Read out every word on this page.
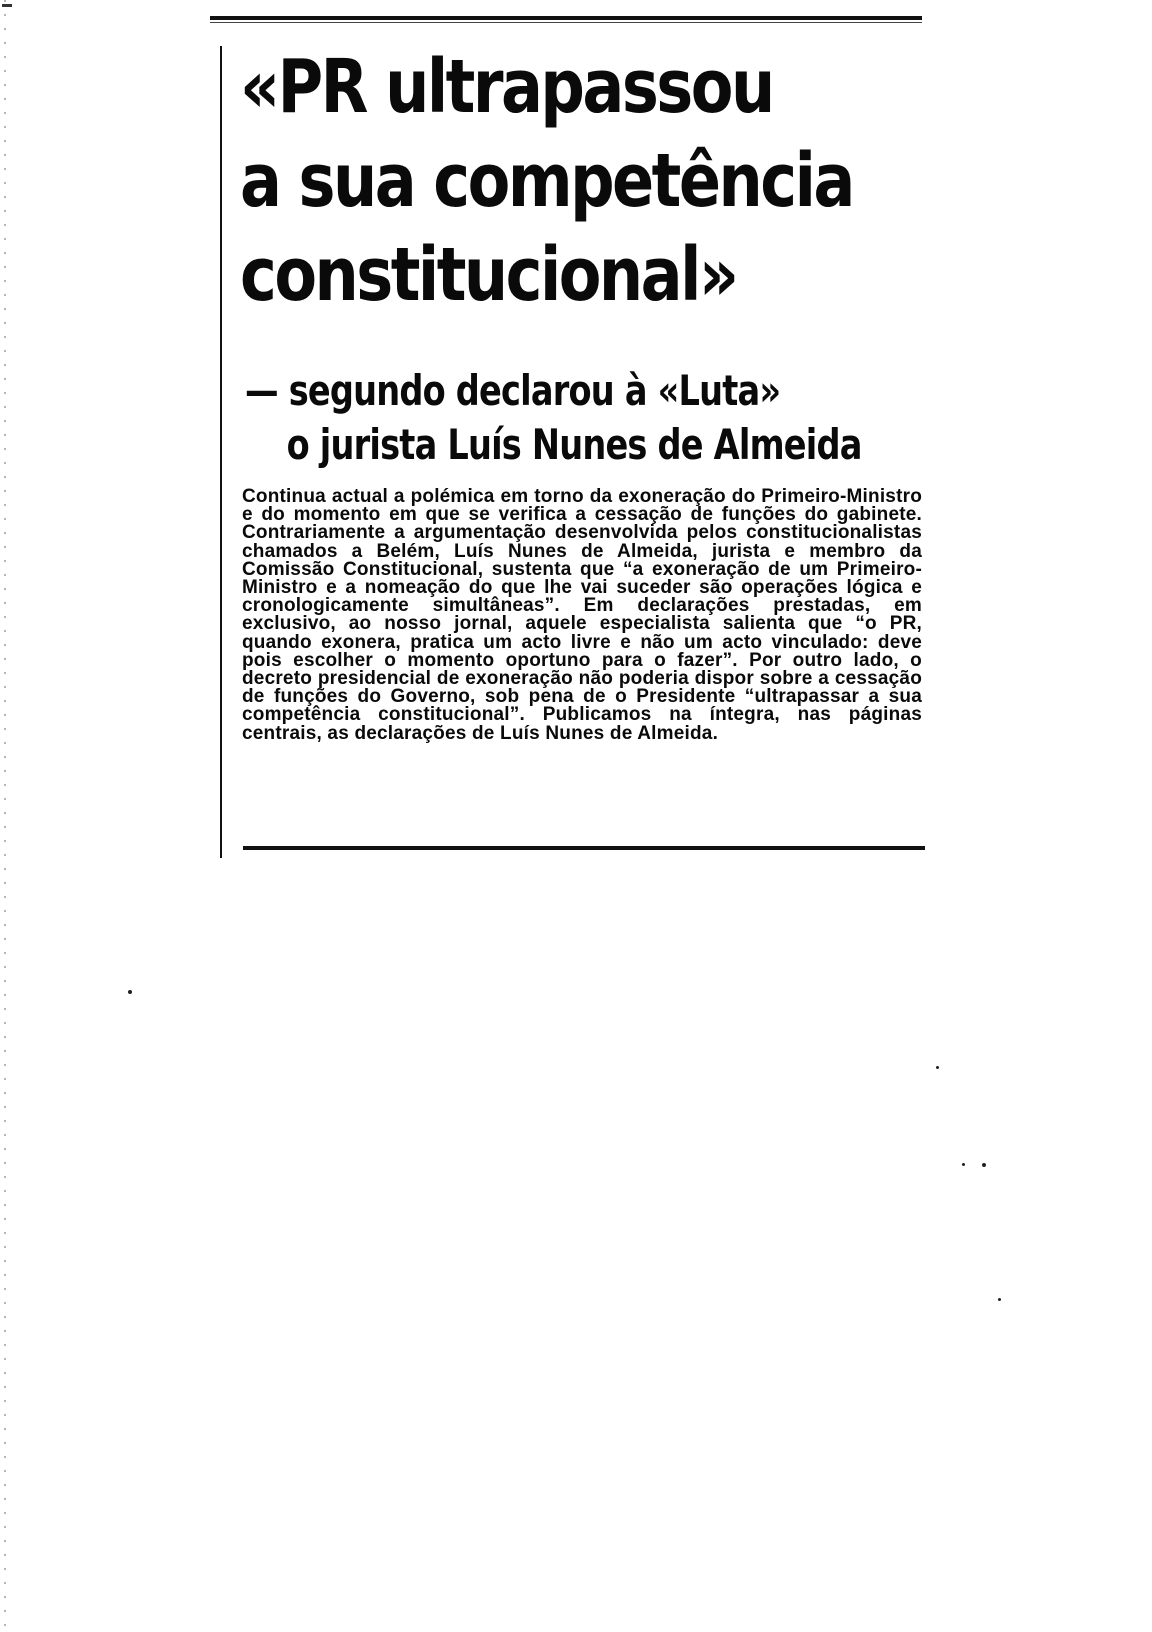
«PR ultrapassou
a sua competência
constitucional»
— segundo declarou à «Luta»
o jurista Luís Nunes de Almeida

Continua actual a polémica em torno da exoneração do Primeiro-Ministro e do momento em que se verifica a cessação de funções do gabinete. Contrariamente a argumentação desenvolvida pelos constitucionalistas chamados a Belém, Luís Nunes de Almeida, jurista e membro da Comissão Constitucional, sustenta que “a exoneração de um Primeiro-Ministro e a nomeação do que lhe vai suceder são operações lógica e cronologicamente simultâneas”. Em declarações prestadas, em exclusivo, ao nosso jornal, aquele especialista salienta que “o PR, quando exonera, pratica um acto livre e não um acto vinculado: deve pois escolher o momento oportuno para o fazer”. Por outro lado, o decreto presidencial de exoneração não poderia dispor sobre a cessação de funções do Governo, sob pena de o Presidente “ultrapassar a sua competência constitucional”. Publicamos na íntegra, nas páginas centrais, as declarações de Luís Nunes de Almeida.
